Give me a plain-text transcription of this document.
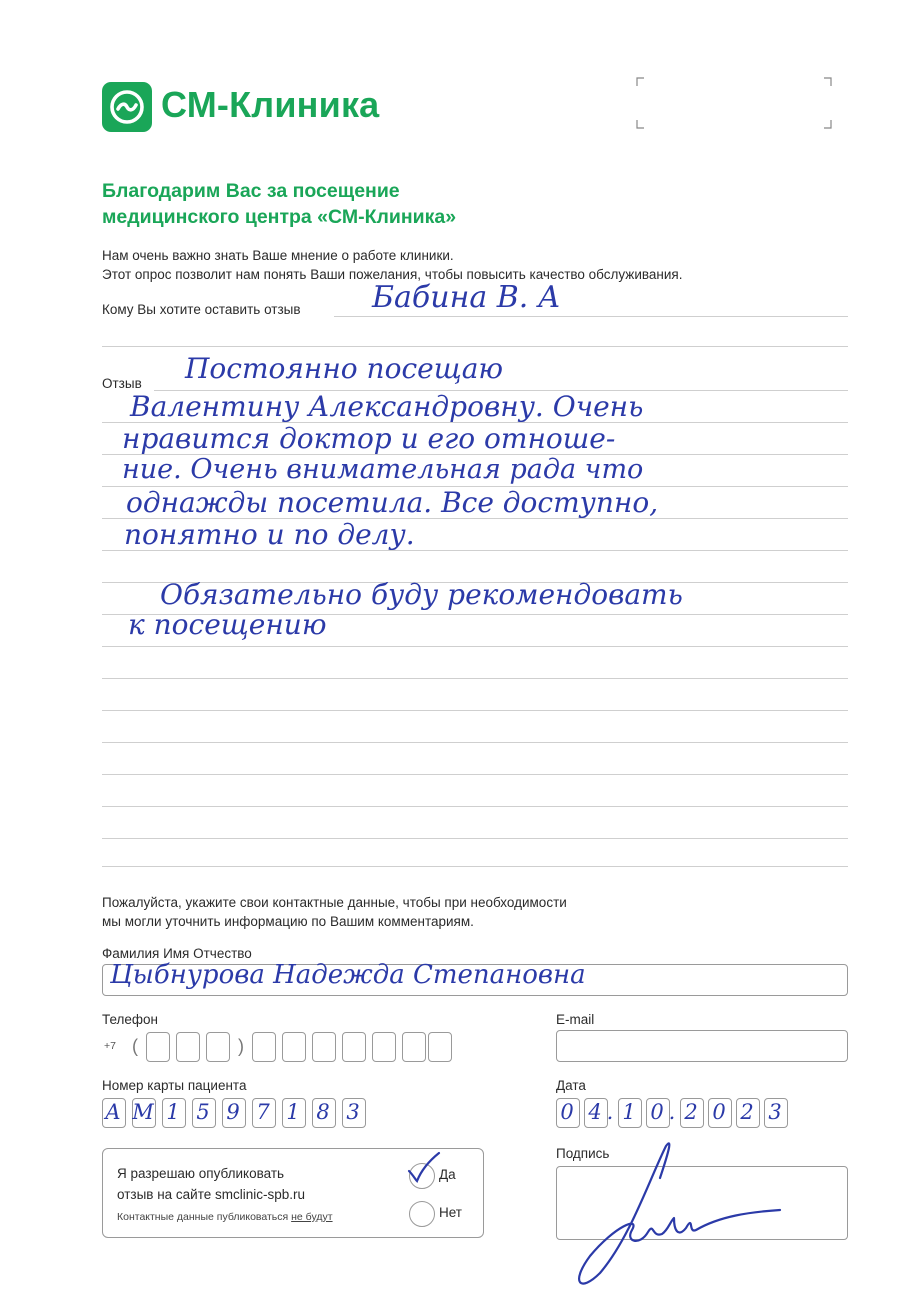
СМ-Клиника
Благодарим Вас за посещение
медицинского центра «СМ-Клиника»
Нам очень важно знать Ваше мнение о работе клиники.
Этот опрос позволит нам понять Ваши пожелания, чтобы повысить качество обслуживания.
Кому Вы хотите оставить отзыв Бабина В. А
Отзыв Постоянно посещаю
Валентину Александровну. Очень
нравится доктор и его отноше-
ние. Очень внимательная рада что
однажды посетила. Все доступно,
понятно и по делу.
Обязательно буду рекомендовать
к посещению
Пожалуйста, укажите свои контактные данные, чтобы при необходимости
мы могли уточнить информацию по Вашим комментариям.
Фамилия Имя Отчество
Цыбнурова Надежда Степановна
Телефон
+7 (	)
E-mail
Номер карты пациента
А М 1 5 9 7 1 8 3
Дата
0 4 . 1 0 . 2 0 2 3
Я разрешаю опубликовать
отзыв на сайте smclinic-spb.ru
Контактные данные публиковаться не будут
Да
Нет
Подпись
